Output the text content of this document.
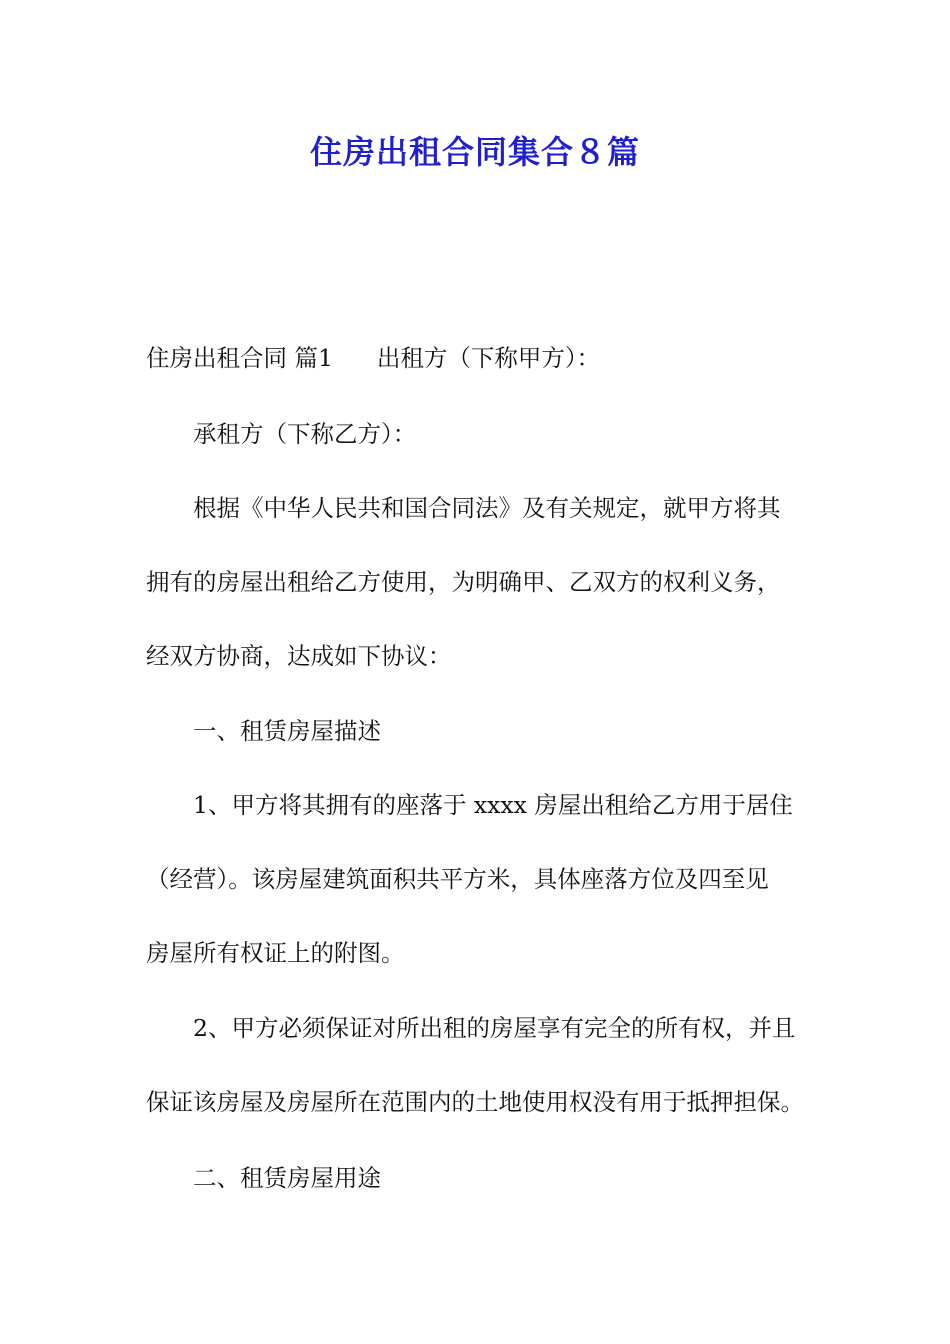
住房出租合同集合８篇

住房出租合同 篇1 出租方（下称甲方）：

承租方（下称乙方）：

根据《中华人民共和国合同法》及有关规定，就甲方将其

拥有的房屋出租给乙方使用，为明确甲、乙双方的权利义务，

经双方协商，达成如下协议：

一、租赁房屋描述

1、甲方将其拥有的座落于 xxxx 房屋出租给乙方用于居住

（经营）。该房屋建筑面积共平方米，具体座落方位及四至见

房屋所有权证上的附图。

2、甲方必须保证对所出租的房屋享有完全的所有权，并且

保证该房屋及房屋所在范围内的土地使用权没有用于抵押担保。

二、租赁房屋用途
